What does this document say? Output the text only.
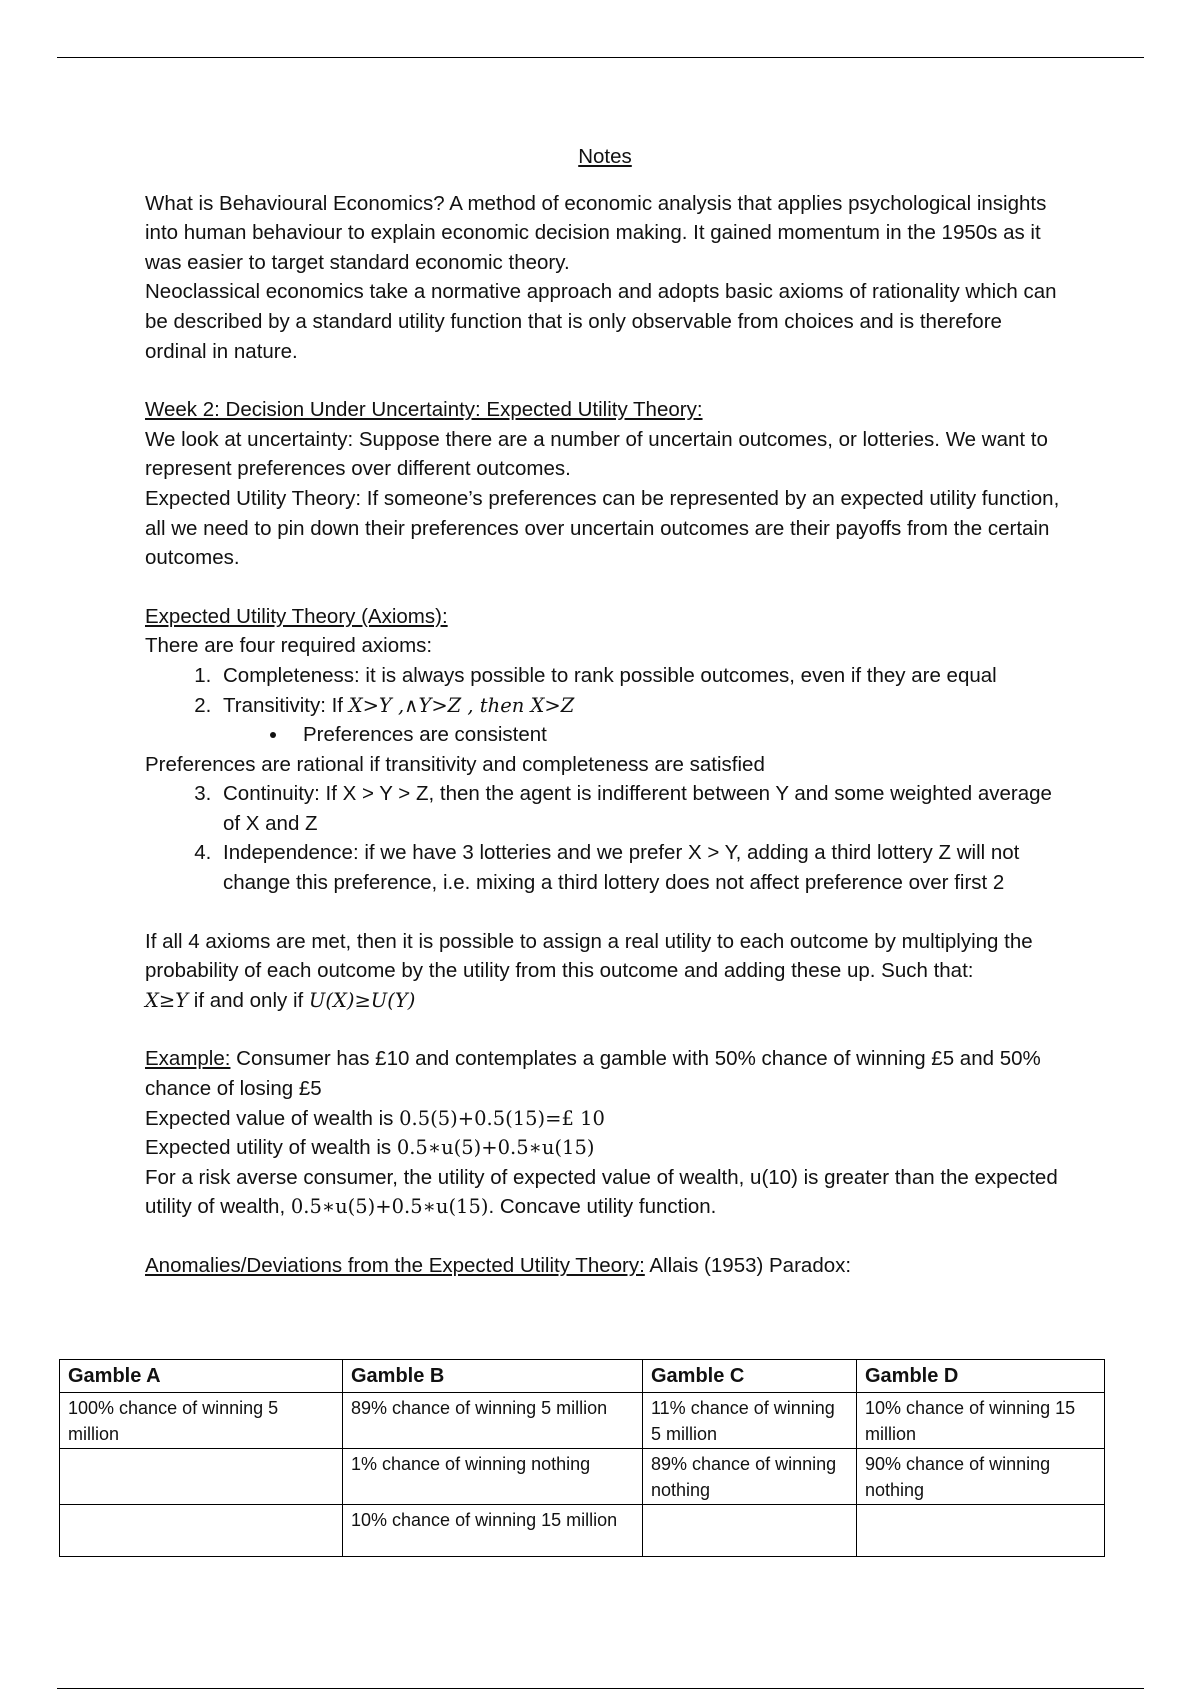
Notes

What is Behavioural Economics? A method of economic analysis that applies psychological insights into human behaviour to explain economic decision making. It gained momentum in the 1950s as it was easier to target standard economic theory.

Neoclassical economics take a normative approach and adopts basic axioms of rationality which can be described by a standard utility function that is only observable from choices and is therefore ordinal in nature.

Week 2: Decision Under Uncertainty: Expected Utility Theory:

We look at uncertainty: Suppose there are a number of uncertain outcomes, or lotteries. We want to represent preferences over different outcomes.

Expected Utility Theory: If someone’s preferences can be represented by an expected utility function, all we need to pin down their preferences over uncertain outcomes are their payoffs from the certain outcomes.

Expected Utility Theory (Axioms):

There are four required axioms:

1. Completeness: it is always possible to rank possible outcomes, even if they are equal
2. Transitivity: If X>Y ,∧Y>Z , then X>Z
• Preferences are consistent

Preferences are rational if transitivity and completeness are satisfied

3. Continuity: If X > Y > Z, then the agent is indifferent between Y and some weighted average of X and Z
4. Independence: if we have 3 lotteries and we prefer X > Y, adding a third lottery Z will not change this preference, i.e. mixing a third lottery does not affect preference over first 2

If all 4 axioms are met, then it is possible to assign a real utility to each outcome by multiplying the probability of each outcome by the utility from this outcome and adding these up. Such that:

X≥Y if and only if U(X)≥U(Y)

Example: Consumer has £10 and contemplates a gamble with 50% chance of winning £5 and 50% chance of losing £5

Expected value of wealth is 0.5(5)+0.5(15)=£ 10

Expected utility of wealth is 0.5∗u(5)+0.5∗u(15)

For a risk averse consumer, the utility of expected value of wealth, u(10) is greater than the expected utility of wealth, 0.5∗u(5)+0.5∗u(15). Concave utility function.

Anomalies/Deviations from the Expected Utility Theory: Allais (1953) Paradox:

Gamble A	Gamble B	Gamble C	Gamble D
100% chance of winning 5 million	89% chance of winning 5 million	11% chance of winning 5 million	10% chance of winning 15 million
	1% chance of winning nothing	89% chance of winning nothing	90% chance of winning nothing
	10% chance of winning 15 million		
